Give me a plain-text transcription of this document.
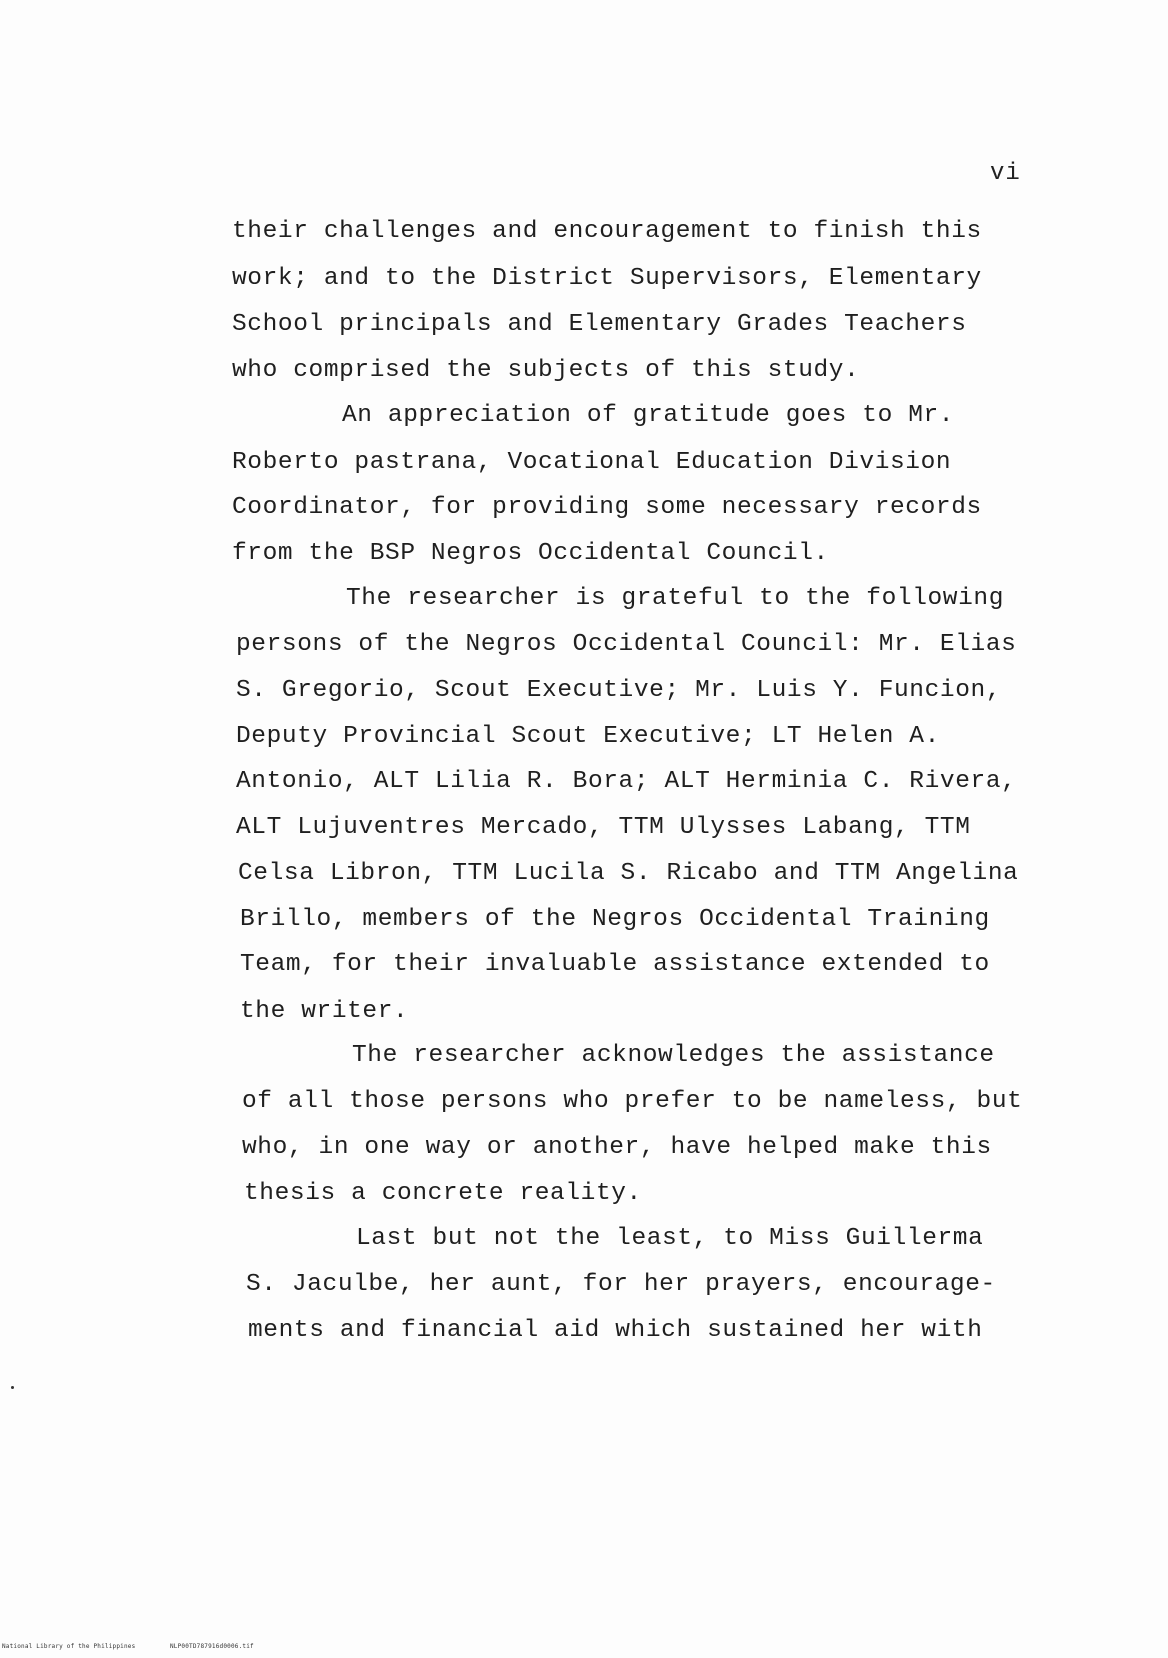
vi
their challenges and encouragement to finish this
work; and to the District Supervisors, Elementary
School principals and Elementary Grades Teachers
who comprised the subjects of this study.
An appreciation of gratitude goes to Mr.
Roberto pastrana, Vocational Education Division
Coordinator, for providing some necessary records
from the BSP Negros Occidental Council.
The researcher is grateful to the following
persons of the Negros Occidental Council: Mr. Elias
S. Gregorio, Scout Executive; Mr. Luis Y. Funcion,
Deputy Provincial Scout Executive; LT Helen A.
Antonio, ALT Lilia R. Bora; ALT Herminia C. Rivera,
ALT Lujuventres Mercado, TTM Ulysses Labang, TTM
Celsa Libron, TTM Lucila S. Ricabo and TTM Angelina
Brillo, members of the Negros Occidental Training
Team, for their invaluable assistance extended to
the writer.
The researcher acknowledges the assistance
of all those persons who prefer to be nameless, but
who, in one way or another, have helped make this
thesis a concrete reality.
Last but not the least, to Miss Guillerma
S. Jaculbe, her aunt, for her prayers, encourage-
ments and financial aid which sustained her with
National Library of the Philippines	NLP00TD787916d0006.tif
